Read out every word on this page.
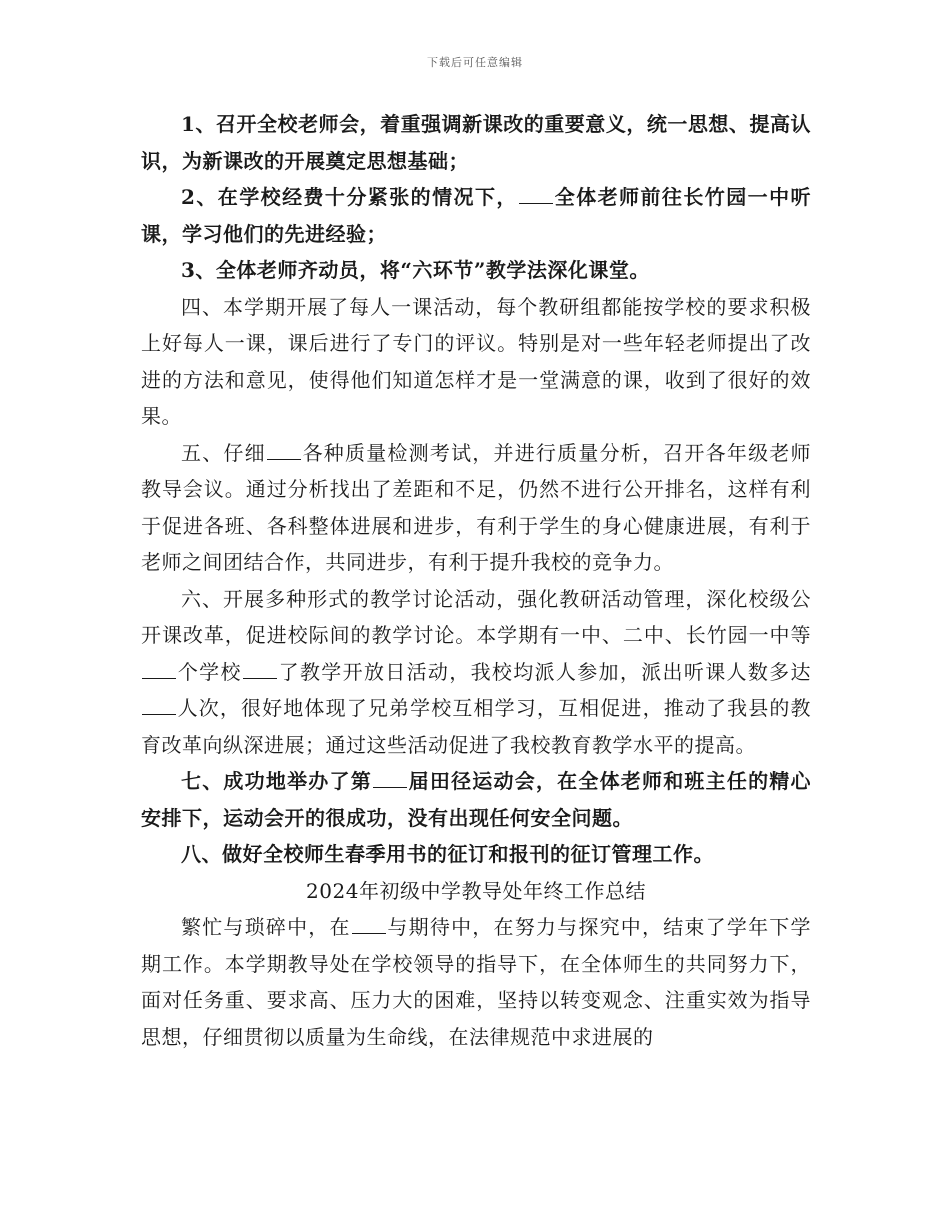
下载后可任意编辑

1、召开全校老师会，着重强调新课改的重要意义，统一思想、提高认识，为新课改的开展奠定思想基础；

2、在学校经费十分紧张的情况下， 全体老师前往长竹园一中听课，学习他们的先进经验；

3、全体老师齐动员，将“六环节”教学法深化课堂。

四、本学期开展了每人一课活动，每个教研组都能按学校的要求积极上好每人一课，课后进行了专门的评议。特别是对一些年轻老师提出了改进的方法和意见，使得他们知道怎样才是一堂满意的课，收到了很好的效果。

五、仔细 各种质量检测考试，并进行质量分析，召开各年级老师教导会议。通过分析找出了差距和不足，仍然不进行公开排名，这样有利于促进各班、各科整体进展和进步，有利于学生的身心健康进展，有利于老师之间团结合作，共同进步，有利于提升我校的竞争力。

六、开展多种形式的教学讨论活动，强化教研活动管理，深化校级公开课改革，促进校际间的教学讨论。本学期有一中、二中、长竹园一中等个学校 了教学开放日活动，我校均派人参加，派出听课人数多达人次，很好地体现了兄弟学校互相学习，互相促进，推动了我县的教育改革向纵深进展；通过这些活动促进了我校教育教学水平的提高。

七、成功地举办了第 届田径运动会，在全体老师和班主任的精心安排下，运动会开的很成功，没有出现任何安全问题。

八、做好全校师生春季用书的征订和报刊的征订管理工作。

2024年初级中学教导处年终工作总结

繁忙与琐碎中，在 与期待中，在努力与探究中，结束了学年下学期工作。本学期教导处在学校领导的指导下，在全体师生的共同努力下，面对任务重、要求高、压力大的困难，坚持以转变观念、注重实效为指导思想，仔细贯彻以质量为生命线，在法律规范中求进展的
